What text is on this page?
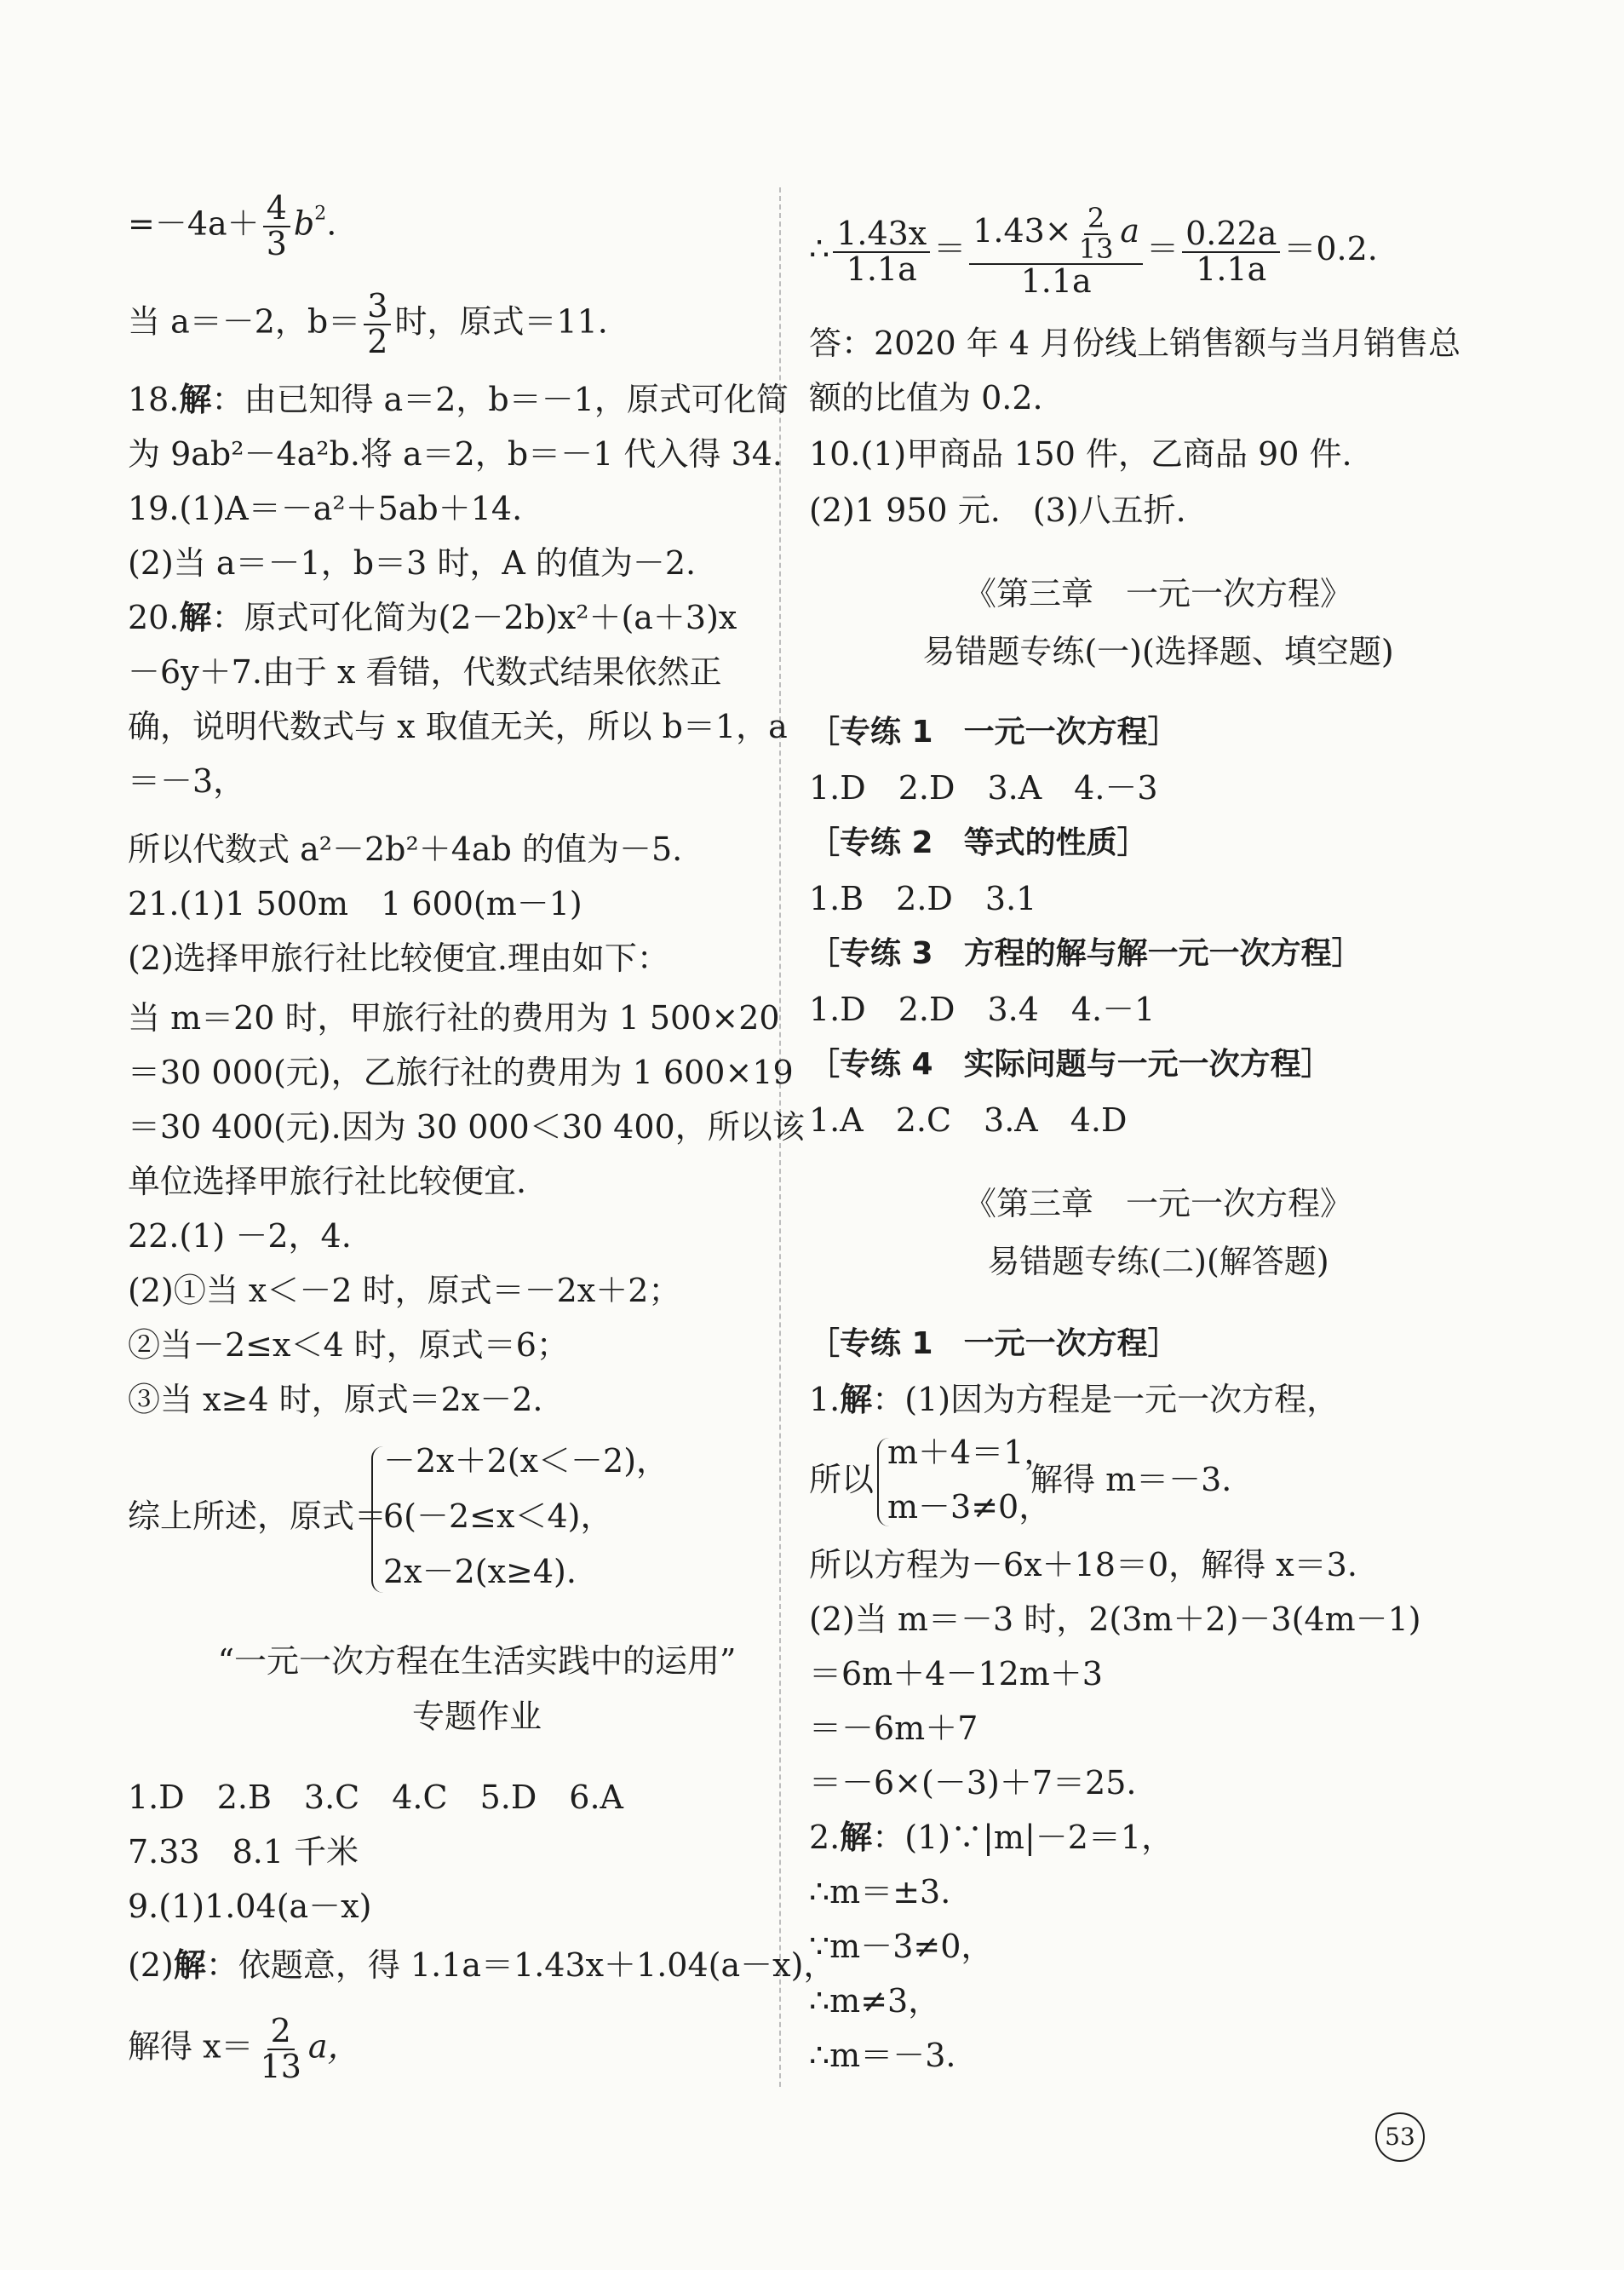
$=-4a+ \frac{4}{3} b^2$.
当 a＝－2，$b= \frac{3}{2}$ 时，原式＝11.
18.解：由已知得 a＝2，b＝－1，原式可化简
为 9ab²－4a²b.将 a＝2，b＝－1 代入得 34.
19.(1)A＝－a²＋5ab＋14.
(2)当 a＝－1，b＝3 时，A 的值为－2.
20.解：原式可化简为(2－2b)x²＋(a＋3)x
－6y＋7.由于 x 看错，代数式结果依然正
确，说明代数式与 x 取值无关，所以 b＝1，a
＝－3，
所以代数式 a²－2b²＋4ab 的值为－5.
21.(1)1 500m　1 600(m－1)
(2)选择甲旅行社比较便宜.理由如下：
当 m＝20 时，甲旅行社的费用为 1 500×20
＝30 000(元)，乙旅行社的费用为 1 600×19
＝30 400(元).因为 30 000＜30 400，所以该
单位选择甲旅行社比较便宜.
22.(1) －2，4.
(2)①当 x＜－2 时，原式＝－2x＋2；
②当－2≤x＜4 时，原式＝6；
③当 x≥4 时，原式＝2x－2.
综上所述，原式＝
－2x＋2(x＜－2)，
6(－2≤x＜4)，
2x－2(x≥4).
“一元一次方程在生活实践中的运用”
专题作业
1.D　2.B　3.C　4.C　5.D　6.A
7.33　8.1 千米
9.(1)1.04(a－x)
(2)解：依题意，得 1.1a＝1.43x＋1.04(a－x)，
解得 $x= \frac{2}{13}$ a，
∴ $\frac{1.43x}{1.1a} = \frac{1.43\times \frac{2}{13} a}{1.1a} = \frac{0.22a}{1.1a} =0.2$.
答：2020 年 4 月份线上销售额与当月销售总
额的比值为 0.2.
10.(1)甲商品 150 件，乙商品 90 件.
(2)1 950 元.　(3)八五折.
《第三章　一元一次方程》
易错题专练(一)(选择题、填空题)
［专练 1　一元一次方程］
1.D　2.D　3.A　4.－3
［专练 2　等式的性质］
1.B　2.D　3.1
［专练 3　方程的解与解一元一次方程］
1.D　2.D　3.4　4.－1
［专练 4　实际问题与一元一次方程］
1.A　2.C　3.A　4.D
《第三章　一元一次方程》
易错题专练(二)(解答题)
［专练 1　一元一次方程］
1.解：(1)因为方程是一元一次方程，
所以
m＋4＝1，
m－3≠0，
解得 m＝－3.
所以方程为－6x＋18＝0，解得 x＝3.
(2)当 m＝－3 时，2(3m＋2)－3(4m－1)
＝6m＋4－12m＋3
＝－6m＋7
＝－6×(－3)＋7＝25.
2.解：(1)∵|m|－2＝1，
∴m＝±3.
∵m－3≠0，
∴m≠3，
∴m＝－3.
53
